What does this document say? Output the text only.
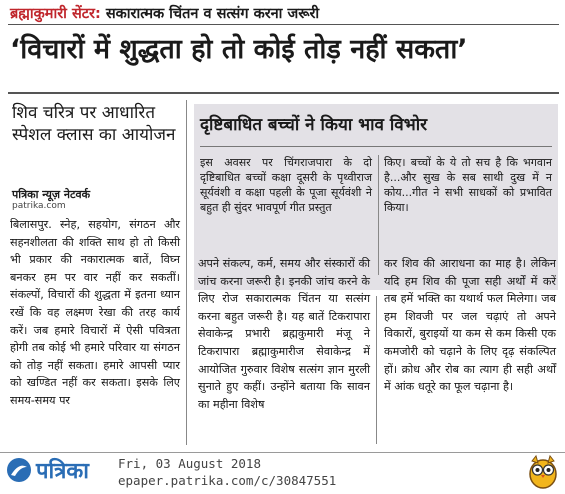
ब्रह्माकुमारी सेंटर: सकारात्मक चिंतन व सत्संग करना जरूरी
‘विचारों में शुद्धता हो तो कोई तोड़ नहीं सकता’
शिव चरित्र पर आधारित स्पेशल क्लास का आयोजन
पत्रिका न्यूज़ नेटवर्क
patrika.com
दृष्टिबाधित बच्चों ने किया भाव विभोर
इस अवसर पर चिंगराजपारा के दो दृष्टिबाधित बच्चों कक्षा दूसरी के पृथ्वीराज सूर्यवंशी व कक्षा पहली के पूजा सूर्यवंशी ने बहुत ही सुंदर भावपूर्ण गीत प्रस्तुत
किए। बच्चों के ये तो सच है कि भगवान है...और सुख के सब साथी दुख में न कोय...गीत ने सभी साधकों को प्रभावित किया।

बिलासपुर. स्नेह, सहयोग, संगठन और सहनशीलता की शक्ति साथ हो तो किसी भी प्रकार की नकारात्मक बातें, विघ्न बनकर हम पर वार नहीं कर सकतीं। संकल्पों, विचारों की शुद्धता में इतना ध्यान रखें कि वह लक्ष्मण रेखा की तरह कार्य करें। जब हमारे विचारों में ऐसी पवित्रता होगी तब कोई भी हमारे परिवार या संगठन को तोड़ नहीं सकता। हमारे आपसी प्यार को खण्डित नहीं कर सकता। इसके लिए समय-समय पर

अपने संकल्प, कर्म, समय और संस्कारों की जांच करना जरूरी है। इनकी जांच करने के लिए रोज सकारात्मक चिंतन या सत्संग करना बहुत जरूरी है। यह बातें टिकरापारा सेवाकेन्द्र प्रभारी ब्रह्मकुमारी मंजू ने टिकरापारा ब्रह्माकुमारीज सेवाकेन्द्र में आयोजित गुरुवार विशेष सत्संग ज्ञान मुरली सुनाते हुए कहीं। उन्होंने बताया कि सावन का महीना विशेष

कर शिव की आराधना का माह है। लेकिन यदि हम शिव की पूजा सही अर्थों में करें तब हमें भक्ति का यथार्थ फल मिलेगा। जब हम शिवजी पर जल चढ़ाएं तो अपने विकारों, बुराइयों या कम से कम किसी एक कमजोरी को चढ़ाने के लिए दृढ़ संकल्पित हों। क्रोध और रोब का त्याग ही सही अर्थों में आंक धतूरे का फूल चढ़ाना है।

पत्रिका Fri, 03 August 2018
epaper.patrika.com/c/30847551
